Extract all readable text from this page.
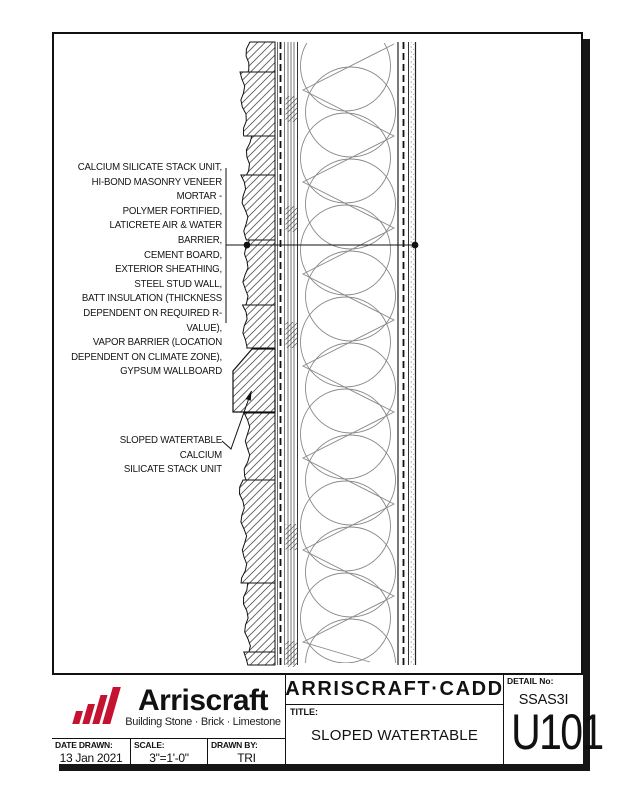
CALCIUM SILICATE STACK UNIT,
HI-BOND MASONRY VENEER MORTAR -
POLYMER FORTIFIED,
LATICRETE AIR & WATER BARRIER,
CEMENT BOARD,
EXTERIOR SHEATHING,
STEEL STUD WALL,
BATT INSULATION (THICKNESS
DEPENDENT ON REQUIRED R-VALUE),
VAPOR BARRIER (LOCATION
DEPENDENT ON CLIMATE ZONE),
GYPSUM WALLBOARD
SLOPED WATERTABLE CALCIUM
SILICATE STACK UNIT
Arriscraft
Building Stone · Brick · Limestone
DATE DRAWN:
13 Jan 2021
SCALE:
3"=1'-0"
DRAWN BY:
TRI
ARRISCRAFT·CADD
TITLE:
SLOPED WATERTABLE
DETAIL No:
SSAS3I
U101
